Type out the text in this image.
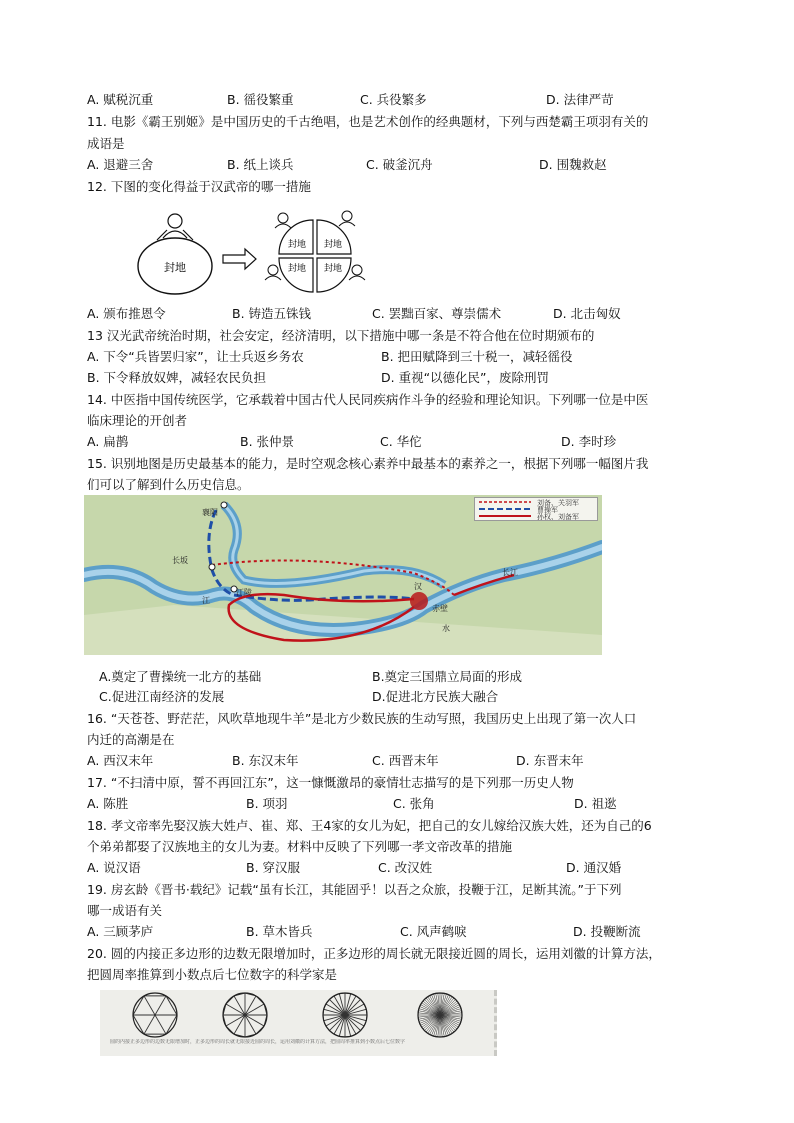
A. 赋税沉重	B. 徭役繁重	C. 兵役繁多	D. 法律严苛
11. 电影《霸王别姬》是中国历史的千古绝唱，也是艺术创作的经典题材，下列与西楚霸王项羽有关的
成语是
A. 退避三舍	B. 纸上谈兵	C. 破釜沉舟	D. 围魏救赵
12. 下图的变化得益于汉武帝的哪一措施
封地
封地 封地
封地 封地
A. 颁布推恩令	B. 铸造五铢钱	C. 罢黜百家、尊崇儒术	D. 北击匈奴
13 汉光武帝统治时期，社会安定，经济清明，以下措施中哪一条是不符合他在位时期颁布的
A. 下令“兵皆罢归家”，让士兵返乡务农	B. 把田赋降到三十税一，减轻徭役
B. 下令释放奴婢，减轻农民负担	D. 重视“以德化民”，废除刑罚
14. 中医指中国传统医学，它承载着中国古代人民同疾病作斗争的经验和理论知识。下列哪一位是中医
临床理论的开创者
A. 扁鹊	B. 张仲景	C. 华佗	D. 李时珍
15. 识别地图是历史最基本的能力，是时空观念核心素养中最基本的素养之一，根据下列哪一幅图片我
们可以了解到什么历史信息。
襄阳
长坂
江陵
赤壁
汉
江
水
长江
刘备、关羽军
曹操军
孙权、刘备军
A.奠定了曹操统一北方的基础	B.奠定三国鼎立局面的形成
C.促进江南经济的发展	D.促进北方民族大融合
16. “天苍苍、野茫茫，风吹草地现牛羊”是北方少数民族的生动写照，我国历史上出现了第一次人口
内迁的高潮是在
A. 西汉末年	B. 东汉末年	C. 西晋末年	D. 东晋末年
17. “不扫清中原，誓不再回江东”，这一慷慨激昂的豪情壮志描写的是下列那一历史人物
A. 陈胜	B. 项羽	C. 张角	D. 祖逖
18. 孝文帝率先娶汉族大姓卢、崔、郑、王4家的女儿为妃，把自己的女儿嫁给汉族大姓，还为自己的6
个弟弟都娶了汉族地主的女儿为妻。材料中反映了下列哪一孝文帝改革的措施
A. 说汉语	B. 穿汉服	C. 改汉姓	D. 通汉婚
19. 房玄龄《晋书·载纪》记载“虽有长江，其能固乎！以吾之众旅，投鞭于江，足断其流。”于下列
哪一成语有关
A. 三顾茅庐	B. 草木皆兵	C. 风声鹤唳	D. 投鞭断流
20. 圆的内接正多边形的边数无限增加时，正多边形的周长就无限接近圆的周长，运用刘徽的计算方法，
把圆周率推算到小数点后七位数字的科学家是
圆的内接正多边形的边数无限增加时，正多边形的周长就无限接近圆的周长，运用刘徽的计算方法，把圆周率推算到小数点后七位数字
